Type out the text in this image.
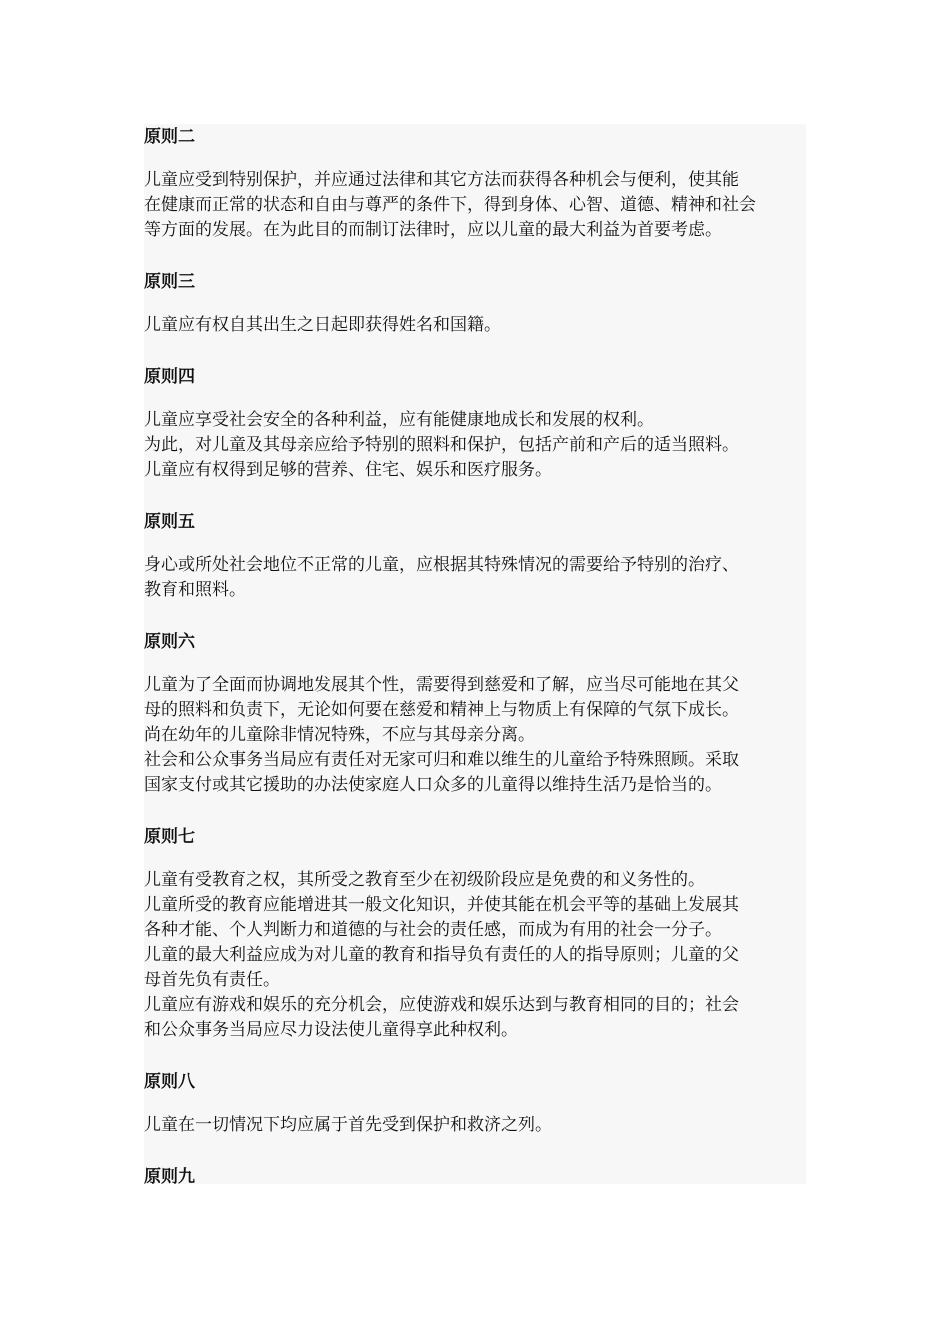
原则二

儿童应受到特别保护，并应通过法律和其它方法而获得各种机会与便利，使其能

在健康而正常的状态和自由与尊严的条件下，得到身体、心智、道德、精神和社会

等方面的发展。在为此目的而制订法律时，应以儿童的最大利益为首要考虑。

原则三

儿童应有权自其出生之日起即获得姓名和国籍。

原则四

儿童应享受社会安全的各种利益，应有能健康地成长和发展的权利。

为此，对儿童及其母亲应给予特别的照料和保护，包括产前和产后的适当照料。

儿童应有权得到足够的营养、住宅、娱乐和医疗服务。

原则五

身心或所处社会地位不正常的儿童，应根据其特殊情况的需要给予特别的治疗、

教育和照料。

原则六

儿童为了全面而协调地发展其个性，需要得到慈爱和了解，应当尽可能地在其父

母的照料和负责下，无论如何要在慈爱和精神上与物质上有保障的气氛下成长。

尚在幼年的儿童除非情况特殊，不应与其母亲分离。

社会和公众事务当局应有责任对无家可归和难以维生的儿童给予特殊照顾。采取

国家支付或其它援助的办法使家庭人口众多的儿童得以维持生活乃是恰当的。

原则七

儿童有受教育之权，其所受之教育至少在初级阶段应是免费的和义务性的。

儿童所受的教育应能增进其一般文化知识，并使其能在机会平等的基础上发展其

各种才能、个人判断力和道德的与社会的责任感，而成为有用的社会一分子。

儿童的最大利益应成为对儿童的教育和指导负有责任的人的指导原则；儿童的父

母首先负有责任。

儿童应有游戏和娱乐的充分机会，应使游戏和娱乐达到与教育相同的目的；社会

和公众事务当局应尽力设法使儿童得享此种权利。

原则八

儿童在一切情况下均应属于首先受到保护和救济之列。

原则九
